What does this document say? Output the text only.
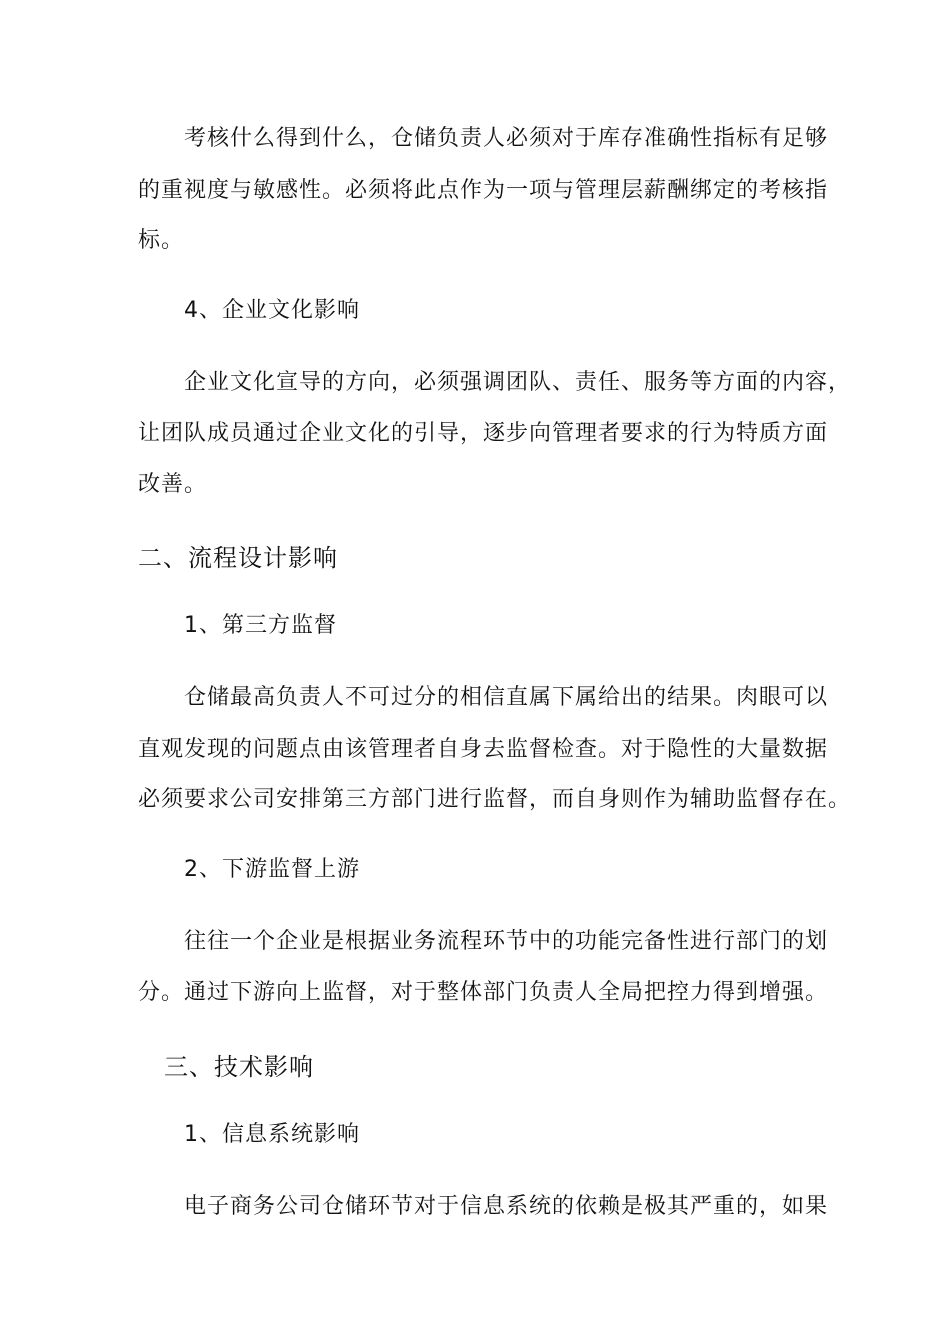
考核什么得到什么，仓储负责人必须对于库存准确性指标有足够
的重视度与敏感性。必须将此点作为一项与管理层薪酬绑定的考核指
标。
4、企业文化影响
企业文化宣导的方向，必须强调团队、责任、服务等方面的内容，
让团队成员通过企业文化的引导，逐步向管理者要求的行为特质方面
改善。
二、流程设计影响
1、第三方监督
仓储最高负责人不可过分的相信直属下属给出的结果。肉眼可以
直观发现的问题点由该管理者自身去监督检查。对于隐性的大量数据
必须要求公司安排第三方部门进行监督，而自身则作为辅助监督存在。
2、下游监督上游
往往一个企业是根据业务流程环节中的功能完备性进行部门的划
分。通过下游向上监督，对于整体部门负责人全局把控力得到增强。
三、技术影响
1、信息系统影响
电子商务公司仓储环节对于信息系统的依赖是极其严重的，如果
